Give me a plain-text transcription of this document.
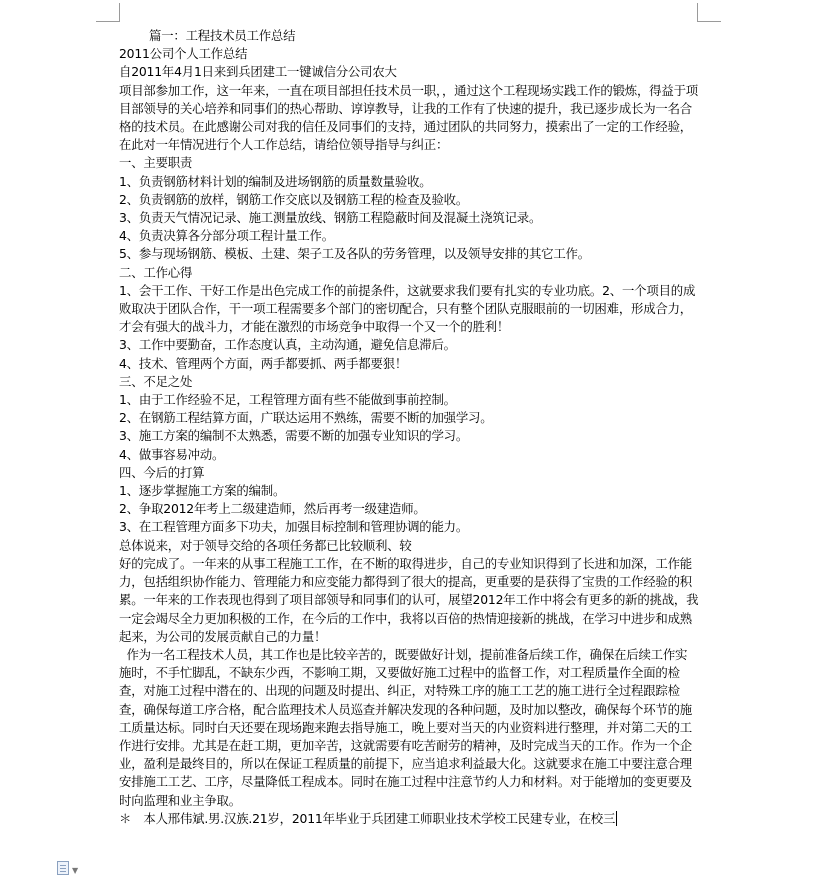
篇一：工程技术员工作总结

2011公司个人工作总结

自2011年4月1日来到兵团建工一键诚信分公司农大

项目部参加工作，这一年来，一直在项目部担任技术员一职，，通过这个工程现场实践工作的锻炼，得益于项目部领导的关心培养和同事们的热心帮助、谆谆教导，让我的工作有了快速的提升，我已逐步成长为一名合格的技术员。在此感谢公司对我的信任及同事们的支持，通过团队的共同努力，摸索出了一定的工作经验，在此对一年情况进行个人工作总结，请给位领导指导与纠正：

一、主要职责

1、负责钢筋材料计划的编制及进场钢筋的质量数量验收。

2、负责钢筋的放样，钢筋工作交底以及钢筋工程的检查及验收。

3、负责天气情况记录、施工测量放线、钢筋工程隐蔽时间及混凝土浇筑记录。

4、负责决算各分部分项工程计量工作。

5、参与现场钢筋、模板、土建、架子工及各队的劳务管理，以及领导安排的其它工作。

二、工作心得

1、会干工作、干好工作是出色完成工作的前提条件，这就要求我们要有扎实的专业功底。2、一个项目的成败取决于团队合作，干一项工程需要多个部门的密切配合，只有整个团队克服眼前的一切困难，形成合力，才会有强大的战斗力，才能在激烈的市场竞争中取得一个又一个的胜利！

3、工作中要勤奋，工作态度认真，主动沟通，避免信息滞后。

4、技术、管理两个方面，两手都要抓、两手都要狠！

三、不足之处

1、由于工作经验不足，工程管理方面有些不能做到事前控制。

2、在钢筋工程结算方面，广联达运用不熟练，需要不断的加强学习。

3、施工方案的编制不太熟悉，需要不断的加强专业知识的学习。

4、做事容易冲动。

四、今后的打算

1、逐步掌握施工方案的编制。

2、争取2012年考上二级建造师，然后再考一级建造师。

3、在工程管理方面多下功夫，加强目标控制和管理协调的能力。

总体说来，对于领导交给的各项任务都已比较顺利、较

好的完成了。一年来的从事工程施工工作，在不断的取得进步，自己的专业知识得到了长进和加深，工作能力，包括组织协作能力、管理能力和应变能力都得到了很大的提高，更重要的是获得了宝贵的工作经验的积累。一年来的工作表现也得到了项目部领导和同事们的认可，展望2012年工作中将会有更多的新的挑战，我一定会竭尽全力更加积极的工作，在今后的工作中，我将以百倍的热情迎接新的挑战，在学习中进步和成熟起来，为公司的发展贡献自己的力量！

作为一名工程技术人员，其工作也是比较辛苦的，既要做好计划，提前准备后续工作，确保在后续工作实施时，不手忙脚乱，不缺东少西，不影响工期，又要做好施工过程中的监督工作，对工程质量作全面的检查，对施工过程中潜在的、出现的问题及时提出、纠正，对特殊工序的施工工艺的施工进行全过程跟踪检查，确保每道工序合格，配合监理技术人员巡查并解决发现的各种问题，及时加以整改，确保每个环节的施工质量达标。同时白天还要在现场跑来跑去指导施工，晚上要对当天的内业资料进行整理，并对第二天的工作进行安排。尤其是在赶工期，更加辛苦，这就需要有吃苦耐劳的精神，及时完成当天的工作。作为一个企业，盈利是最终目的，所以在保证工程质量的前提下，应当追求利益最大化。这就要求在施工中要注意合理安排施工工艺、工序，尽量降低工程成本。同时在施工过程中注意节约人力和材料。对于能增加的变更要及时向监理和业主争取。

＊　本人邢伟斌.男.汉族.21岁，2011年毕业于兵团建工师职业技术学校工民建专业，在校三

▼
